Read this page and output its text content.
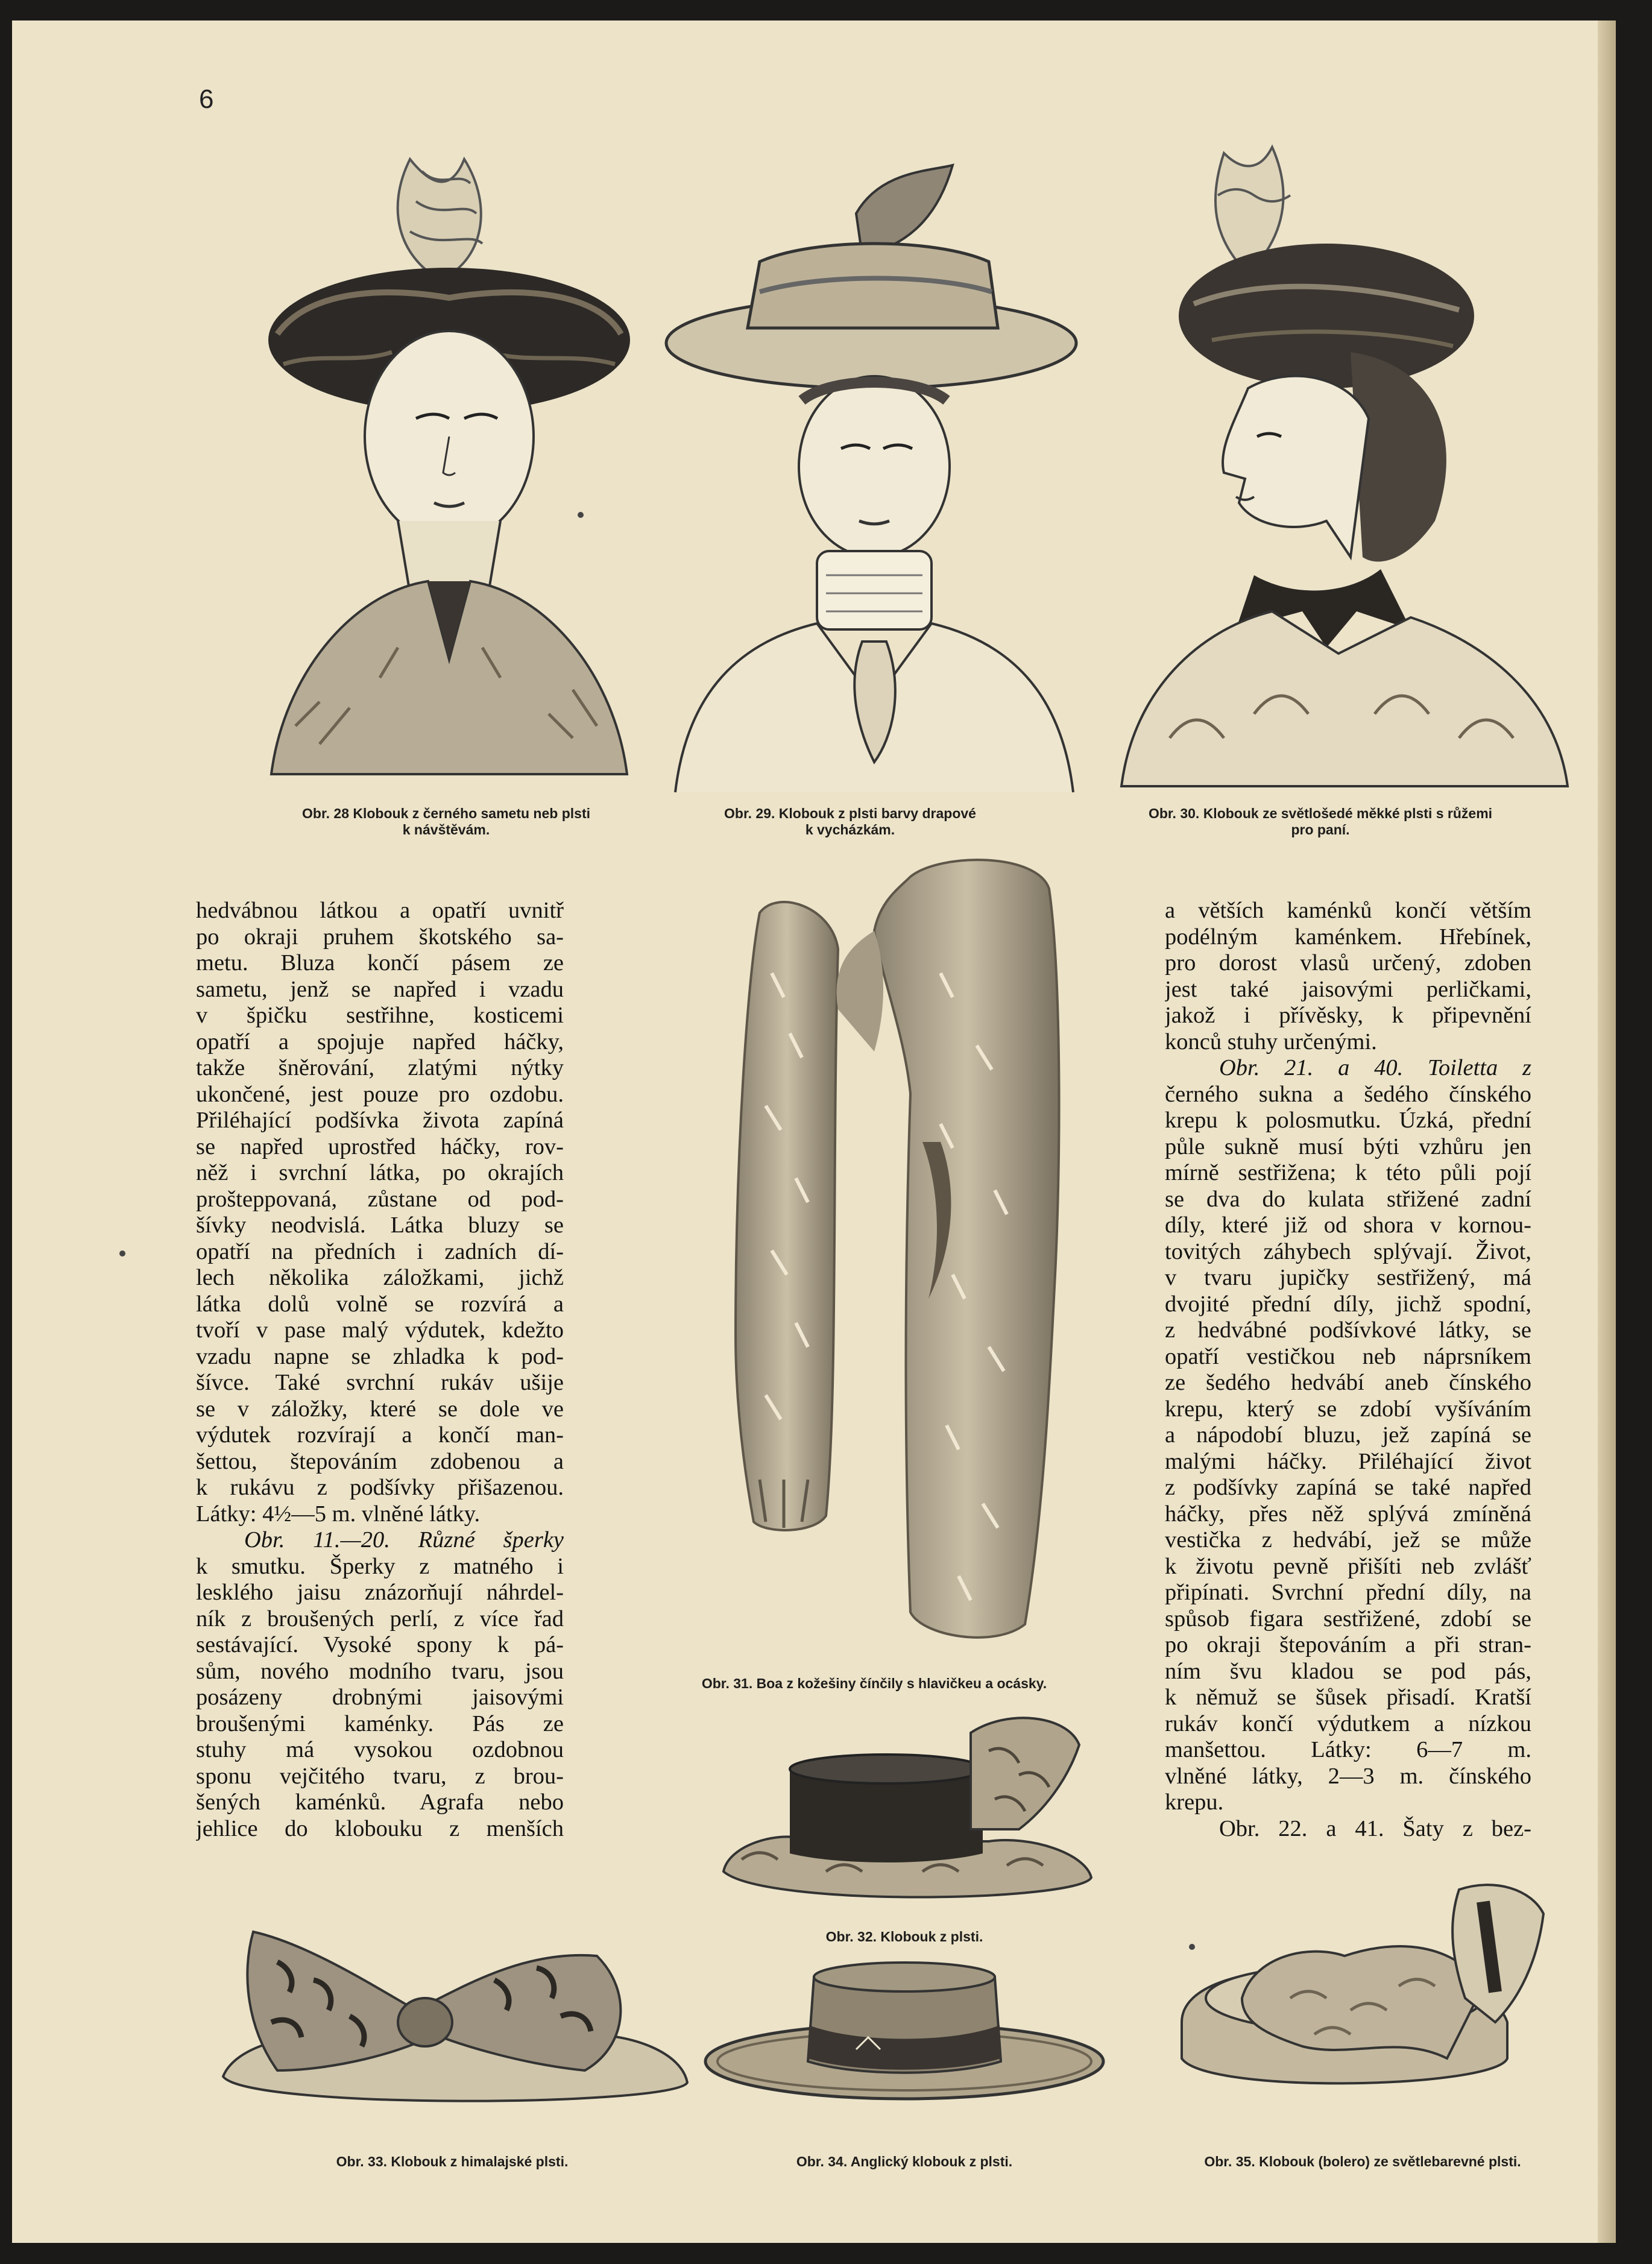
6
Obr. 28 Klobouk z černého sametu neb plsti
k návštěvám.
Obr. 29. Klobouk z plsti barvy drapové
k vycházkám.
Obr. 30. Klobouk ze světlošedé měkké plsti s růžemi
pro paní.

hedvábnou látkou a opatří uvnitř

po okraji pruhem škotského sa-

metu. Bluza končí pásem ze

sametu, jenž se napřed i vzadu

v špičku sestřihne, kosticemi

opatří a spojuje napřed háčky,

takže šněrování, zlatými nýtky

ukončené, jest pouze pro ozdobu.

Přiléhající podšívka života zapíná

se napřed uprostřed háčky, rov-

něž i svrchní látka, po okrajích

prošteppovaná, zůstane od pod-

šívky neodvislá. Látka bluzy se

opatří na předních i zadních dí-

lech několika záložkami, jichž

látka dolů volně se rozvírá a

tvoří v pase malý výdutek, kdežto

vzadu napne se zhladka k pod-

šívce. Také svrchní rukáv ušije

se v záložky, které se dole ve

výdutek rozvírají a končí man-

šettou, štepováním zdobenou a

k rukávu z podšívky přišazenou.

Látky: 4½—5 m. vlněné látky.

Obr. 11.—20. Různé šperky

k smutku. Šperky z matného i

lesklého jaisu znázorňují náhrdel-

ník z broušených perlí, z více řad

sestávající. Vysoké spony k pá-

sům, nového modního tvaru, jsou

posázeny drobnými jaisovými

broušenými kaménky. Pás ze

stuhy má vysokou ozdobnou

sponu vejčitého tvaru, z brou-

šených kaménků. Agrafa nebo

jehlice do klobouku z menších

Obr. 31. Boa z kožešiny čínčily s hlavičkeu a ocásky.

a větších kaménků končí větším

podélným kaménkem. Hřebínek,

pro dorost vlasů určený, zdoben

jest také jaisovými perličkami,

jakož i přívěsky, k připevnění

konců stuhy určenými.

Obr. 21. a 40. Toiletta z

černého sukna a šedého čínského

krepu k polosmutku. Úzká, přední

půle sukně musí býti vzhůru jen

mírně sestřižena; k této půli pojí

se dva do kulata střižené zadní

díly, které již od shora v kornou-

tovitých záhybech splývají. Život,

v tvaru jupičky sestřižený, má

dvojité přední díly, jichž spodní,

z hedvábné podšívkové látky, se

opatří vestičkou neb náprsníkem

ze šedého hedvábí aneb čínského

krepu, který se zdobí vyšíváním

a nápodobí bluzu, jež zapíná se

malými háčky. Přiléhající život

z podšívky zapíná se také napřed

háčky, přes něž splývá zmíněná

vestička z hedvábí, jež se může

k životu pevně přišíti neb zvlášť

připínati. Svrchní přední díly, na

spůsob figara sestřižené, zdobí se

po okraji štepováním a při stran-

ním švu kladou se pod pás,

k němuž se šůsek přisadí. Kratší

rukáv končí výdutkem a nízkou

manšettou. Látky: 6—7 m.

vlněné látky, 2—3 m. čínského

krepu.

Obr. 22. a 41. Šaty z bez-

Obr. 32. Klobouk z plsti.
Obr. 33. Klobouk z himalajské plsti.	Obr. 34. Anglický klobouk z plsti.	Obr. 35. Klobouk (bolero) ze světlebarevné plsti.
